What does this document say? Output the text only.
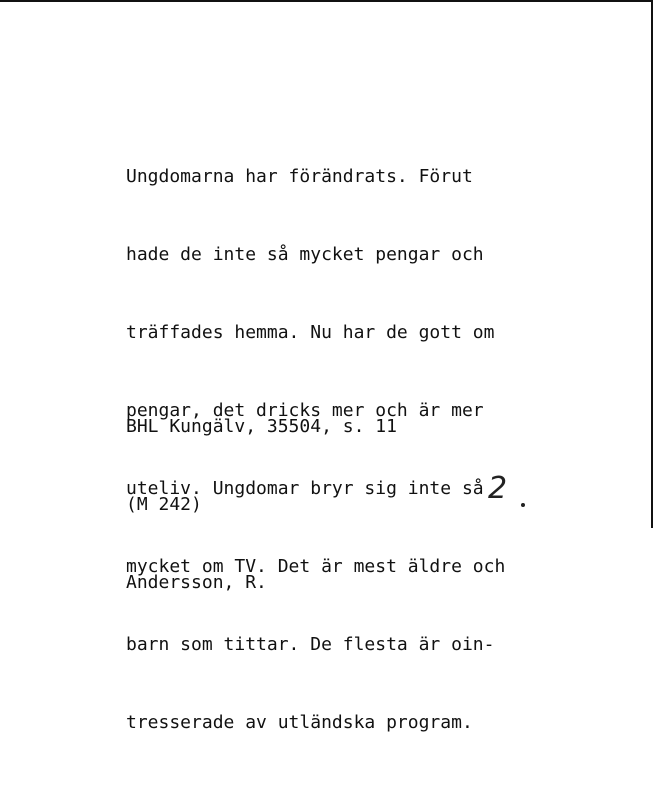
Ungdomarna har förändrats. Förut

hade de inte så mycket pengar och

träffades hemma. Nu har de gott om

pengar, det dricks mer och är mer

uteliv. Ungdomar bryr sig inte så

mycket om TV. Det är mest äldre och

barn som tittar. De flesta är oin-

tresserade av utländska program.

BHL Kungälv, 35504, s. 11

(M 242)

Andersson, R.

2
